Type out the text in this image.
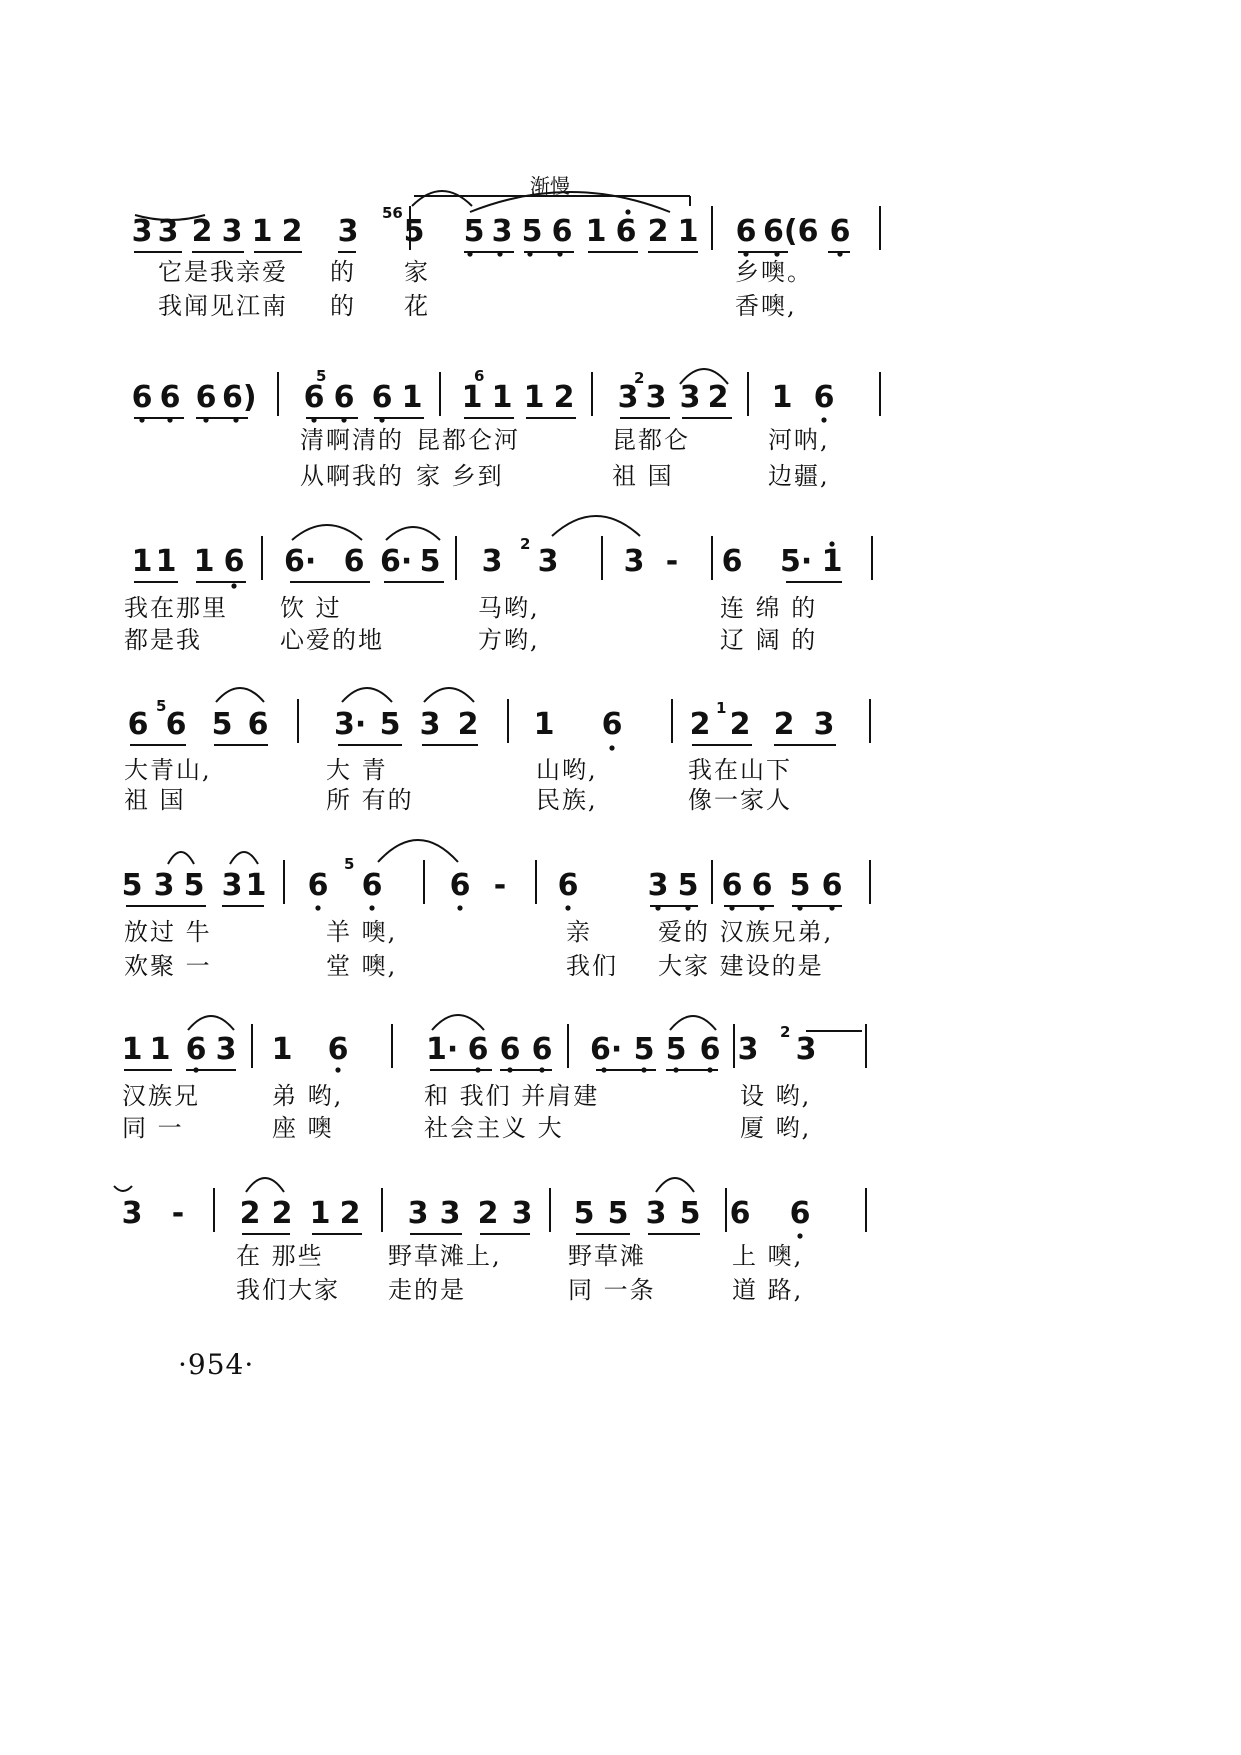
渐慢
·954·
3 3 2 3 1 2 3 5 5 3 5 6 1 6 2 1 6 6(6 6
它是我亲爱 的 家	乡噢。
我闻见江南 的 花	香噢,
6 6 6 6) 6 6 6 1 1 1 1 2 3 3 3 2 1 6
清啊清的 昆都仑河	昆都仑	河呐,
从啊我的 家 乡到	祖 国	边疆,
1 1 1 6 6· 6 6· 5 3 3 3 - 6 5· 1
我在那里 饮 过	马哟,	连 绵 的
都是我	心爱的地	方哟,	辽 阔 的
6 6 5 6 3· 5 3 2 1 6 2 2 2 3
大青山,	大 青	山哟,	我在山下
祖 国	所 有的	民族,	像一家人
5 3 5 3 1 6 6 6 - 6 3 5 6 6 5 6
放过 牛	羊 噢,	亲	爱的 汉族兄弟,
欢聚 一	堂 噢,	我们 大家 建设的是
1 1 6 3 1 6	1· 6 6 6 6· 5 5 6 3 3
汉族兄	弟 哟,	和 我们 并肩建	设 哟,
同 一	座 噢	社会主义 大	厦 哟,
3 - 2 2 1 2 3 3 2 3 5 5 3 5 6 6
在 那些	野草滩上,	野草滩	上 噢,
我们大家 走的是	同 一条	道 路,
56
5	6	2
2
5	1
5
2
